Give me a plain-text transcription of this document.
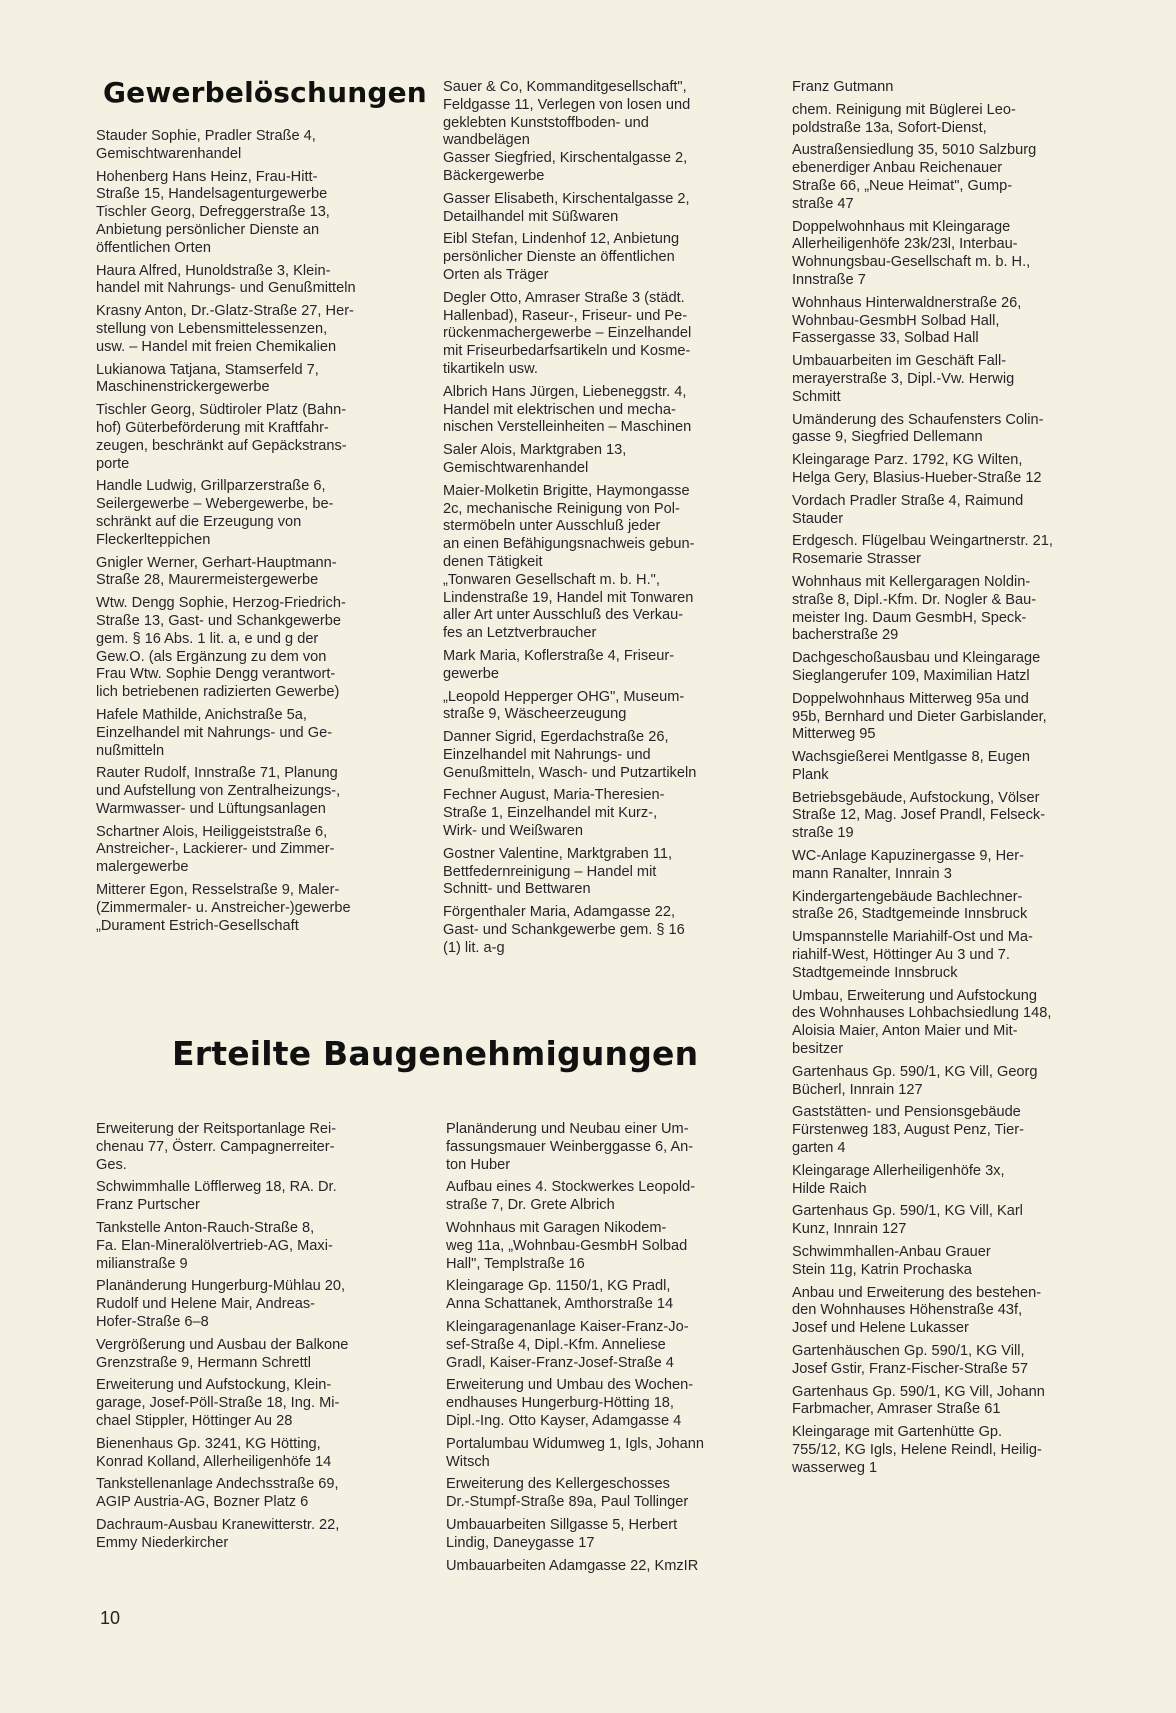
Gewerbelöschungen

Stauder Sophie, Pradler Straße 4,
Gemischtwarenhandel

Hohenberg Hans Heinz, Frau-Hitt-
Straße 15, Handelsagenturgewerbe
Tischler Georg, Defreggerstraße 13,
Anbietung persönlicher Dienste an
öffentlichen Orten

Haura Alfred, Hunoldstraße 3, Klein-
handel mit Nahrungs- und Genußmitteln

Krasny Anton, Dr.-Glatz-Straße 27, Her-
stellung von Lebensmittelessenzen,
usw. – Handel mit freien Chemikalien

Lukianowa Tatjana, Stamserfeld 7,
Maschinenstrickergewerbe

Tischler Georg, Südtiroler Platz (Bahn-
hof) Güterbeförderung mit Kraftfahr-
zeugen, beschränkt auf Gepäckstrans-
porte

Handle Ludwig, Grillparzerstraße 6,
Seilergewerbe – Webergewerbe, be-
schränkt auf die Erzeugung von
Fleckerlteppichen

Gnigler Werner, Gerhart-Hauptmann-
Straße 28, Maurermeistergewerbe

Wtw. Dengg Sophie, Herzog-Friedrich-
Straße 13, Gast- und Schankgewerbe
gem. § 16 Abs. 1 lit. a, e und g der
Gew.O. (als Ergänzung zu dem von
Frau Wtw. Sophie Dengg verantwort-
lich betriebenen radizierten Gewerbe)

Hafele Mathilde, Anichstraße 5a,
Einzelhandel mit Nahrungs- und Ge-
nußmitteln

Rauter Rudolf, Innstraße 71, Planung
und Aufstellung von Zentralheizungs-,
Warmwasser- und Lüftungsanlagen

Schartner Alois, Heiliggeiststraße 6,
Anstreicher-, Lackierer- und Zimmer-
malergewerbe

Mitterer Egon, Resselstraße 9, Maler-
(Zimmermaler- u. Anstreicher-)gewerbe
„Durament Estrich-Gesellschaft

Sauer & Co, Kommanditgesellschaft",
Feldgasse 11, Verlegen von losen und
geklebten Kunststoffboden- und
wandbelägen
Gasser Siegfried, Kirschentalgasse 2,
Bäckergewerbe

Gasser Elisabeth, Kirschentalgasse 2,
Detailhandel mit Süßwaren

Eibl Stefan, Lindenhof 12, Anbietung
persönlicher Dienste an öffentlichen
Orten als Träger

Degler Otto, Amraser Straße 3 (städt.
Hallenbad), Raseur-, Friseur- und Pe-
rückenmachergewerbe – Einzelhandel
mit Friseurbedarfsartikeln und Kosme-
tikartikeln usw.

Albrich Hans Jürgen, Liebeneggstr. 4,
Handel mit elektrischen und mecha-
nischen Verstelleinheiten – Maschinen

Saler Alois, Marktgraben 13,
Gemischtwarenhandel

Maier-Molketin Brigitte, Haymongasse
2c, mechanische Reinigung von Pol-
stermöbeln unter Ausschluß jeder
an einen Befähigungsnachweis gebun-
denen Tätigkeit
„Tonwaren Gesellschaft m. b. H.",
Lindenstraße 19, Handel mit Tonwaren
aller Art unter Ausschluß des Verkau-
fes an Letztverbraucher

Mark Maria, Koflerstraße 4, Friseur-
gewerbe

„Leopold Hepperger OHG", Museum-
straße 9, Wäscheerzeugung

Danner Sigrid, Egerdachstraße 26,
Einzelhandel mit Nahrungs- und
Genußmitteln, Wasch- und Putzartikeln

Fechner August, Maria-Theresien-
Straße 1, Einzelhandel mit Kurz-,
Wirk- und Weißwaren

Gostner Valentine, Marktgraben 11,
Bettfedernreinigung – Handel mit
Schnitt- und Bettwaren

Förgenthaler Maria, Adamgasse 22,
Gast- und Schankgewerbe gem. § 16
(1) lit. a-g

Erteilte Baugenehmigungen

Erweiterung der Reitsportanlage Rei-
chenau 77, Österr. Campagnerreiter-
Ges.

Schwimmhalle Löfflerweg 18, RA. Dr.
Franz Purtscher

Tankstelle Anton-Rauch-Straße 8,
Fa. Elan-Mineralölvertrieb-AG, Maxi-
milianstraße 9

Planänderung Hungerburg-Mühlau 20,
Rudolf und Helene Mair, Andreas-
Hofer-Straße 6–8

Vergrößerung und Ausbau der Balkone
Grenzstraße 9, Hermann Schrettl

Erweiterung und Aufstockung, Klein-
garage, Josef-Pöll-Straße 18, Ing. Mi-
chael Stippler, Höttinger Au 28

Bienenhaus Gp. 3241, KG Hötting,
Konrad Kolland, Allerheiligenhöfe 14

Tankstellenanlage Andechsstraße 69,
AGIP Austria-AG, Bozner Platz 6

Dachraum-Ausbau Kranewitterstr. 22,
Emmy Niederkircher

Planänderung und Neubau einer Um-
fassungsmauer Weinberggasse 6, An-
ton Huber

Aufbau eines 4. Stockwerkes Leopold-
straße 7, Dr. Grete Albrich

Wohnhaus mit Garagen Nikodem-
weg 11a, „Wohnbau-GesmbH Solbad
Hall", Templstraße 16

Kleingarage Gp. 1150/1, KG Pradl,
Anna Schattanek, Amthorstraße 14

Kleingaragenanlage Kaiser-Franz-Jo-
sef-Straße 4, Dipl.-Kfm. Anneliese
Gradl, Kaiser-Franz-Josef-Straße 4

Erweiterung und Umbau des Wochen-
endhauses Hungerburg-Hötting 18,
Dipl.-Ing. Otto Kayser, Adamgasse 4

Portalumbau Widumweg 1, Igls, Johann
Witsch

Erweiterung des Kellergeschosses
Dr.-Stumpf-Straße 89a, Paul Tollinger

Umbauarbeiten Sillgasse 5, Herbert
Lindig, Daneygasse 17

Umbauarbeiten Adamgasse 22, KmzIR

Franz Gutmann

chem. Reinigung mit Büglerei Leo-
poldstraße 13a, Sofort-Dienst,

Austraßensiedlung 35, 5010 Salzburg
ebenerdiger Anbau Reichenauer
Straße 66, „Neue Heimat", Gump-
straße 47

Doppelwohnhaus mit Kleingarage
Allerheiligenhöfe 23k/23l, Interbau-
Wohnungsbau-Gesellschaft m. b. H.,
Innstraße 7

Wohnhaus Hinterwaldnerstraße 26,
Wohnbau-GesmbH Solbad Hall,
Fassergasse 33, Solbad Hall

Umbauarbeiten im Geschäft Fall-
merayerstraße 3, Dipl.-Vw. Herwig
Schmitt

Umänderung des Schaufensters Colin-
gasse 9, Siegfried Dellemann

Kleingarage Parz. 1792, KG Wilten,
Helga Gery, Blasius-Hueber-Straße 12

Vordach Pradler Straße 4, Raimund
Stauder

Erdgesch. Flügelbau Weingartnerstr. 21,
Rosemarie Strasser

Wohnhaus mit Kellergaragen Noldin-
straße 8, Dipl.-Kfm. Dr. Nogler & Bau-
meister Ing. Daum GesmbH, Speck-
bacherstraße 29

Dachgeschoßausbau und Kleingarage
Sieglangerufer 109, Maximilian Hatzl

Doppelwohnhaus Mitterweg 95a und
95b, Bernhard und Dieter Garbislander,
Mitterweg 95

Wachsgießerei Mentlgasse 8, Eugen
Plank

Betriebsgebäude, Aufstockung, Völser
Straße 12, Mag. Josef Prandl, Felseck-
straße 19

WC-Anlage Kapuzinergasse 9, Her-
mann Ranalter, Innrain 3

Kindergartengebäude Bachlechner-
straße 26, Stadtgemeinde Innsbruck

Umspannstelle Mariahilf-Ost und Ma-
riahilf-West, Höttinger Au 3 und 7.
Stadtgemeinde Innsbruck

Umbau, Erweiterung und Aufstockung
des Wohnhauses Lohbachsiedlung 148,
Aloisia Maier, Anton Maier und Mit-
besitzer

Gartenhaus Gp. 590/1, KG Vill, Georg
Bücherl, Innrain 127

Gaststätten- und Pensionsgebäude
Fürstenweg 183, August Penz, Tier-
garten 4

Kleingarage Allerheiligenhöfe 3x,
Hilde Raich

Gartenhaus Gp. 590/1, KG Vill, Karl
Kunz, Innrain 127

Schwimmhallen-Anbau Grauer
Stein 11g, Katrin Prochaska

Anbau und Erweiterung des bestehen-
den Wohnhauses Höhenstraße 43f,
Josef und Helene Lukasser

Gartenhäuschen Gp. 590/1, KG Vill,
Josef Gstir, Franz-Fischer-Straße 57

Gartenhaus Gp. 590/1, KG Vill, Johann
Farbmacher, Amraser Straße 61

Kleingarage mit Gartenhütte Gp.
755/12, KG Igls, Helene Reindl, Heilig-
wasserweg 1

10
